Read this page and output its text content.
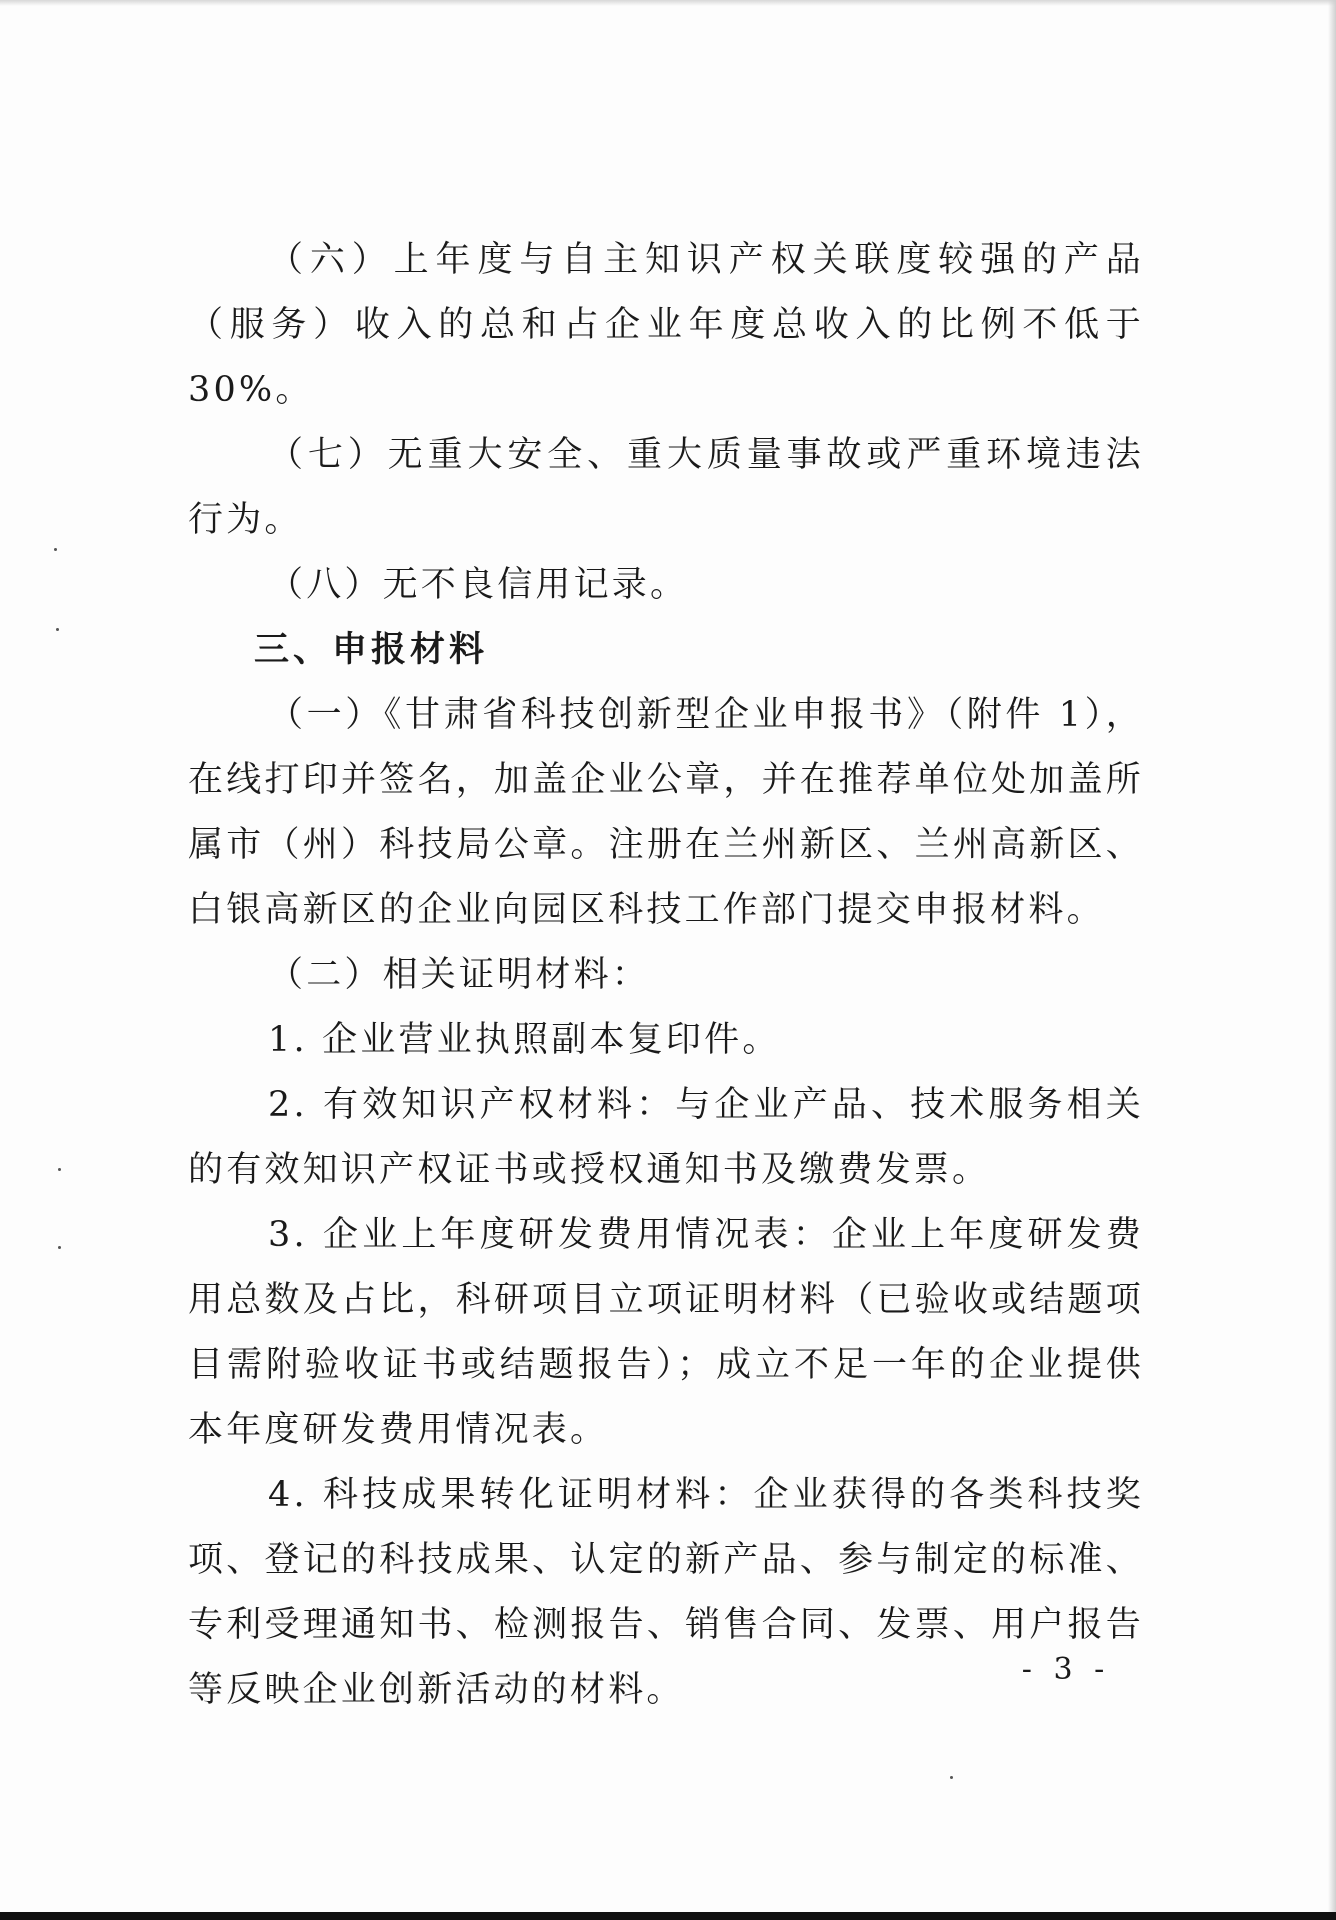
（六）上年度与自主知识产权关联度较强的产品（服务）收入的总和占企业年度总收入的比例不低于 30%。

（七）无重大安全、重大质量事故或严重环境违法行为。

（八）无不良信用记录。

三、申报材料

（一）《甘肃省科技创新型企业申报书》（附件 1），在线打印并签名，加盖企业公章，并在推荐单位处加盖所属市（州）科技局公章。注册在兰州新区、兰州高新区、白银高新区的企业向园区科技工作部门提交申报材料。

（二）相关证明材料：

1. 企业营业执照副本复印件。

2. 有效知识产权材料：与企业产品、技术服务相关的有效知识产权证书或授权通知书及缴费发票。

3. 企业上年度研发费用情况表：企业上年度研发费用总数及占比，科研项目立项证明材料（已验收或结题项目需附验收证书或结题报告）；成立不足一年的企业提供本年度研发费用情况表。

4. 科技成果转化证明材料：企业获得的各类科技奖项、登记的科技成果、认定的新产品、参与制定的标准、专利受理通知书、检测报告、销售合同、发票、用户报告等反映企业创新活动的材料。

- 3 -
